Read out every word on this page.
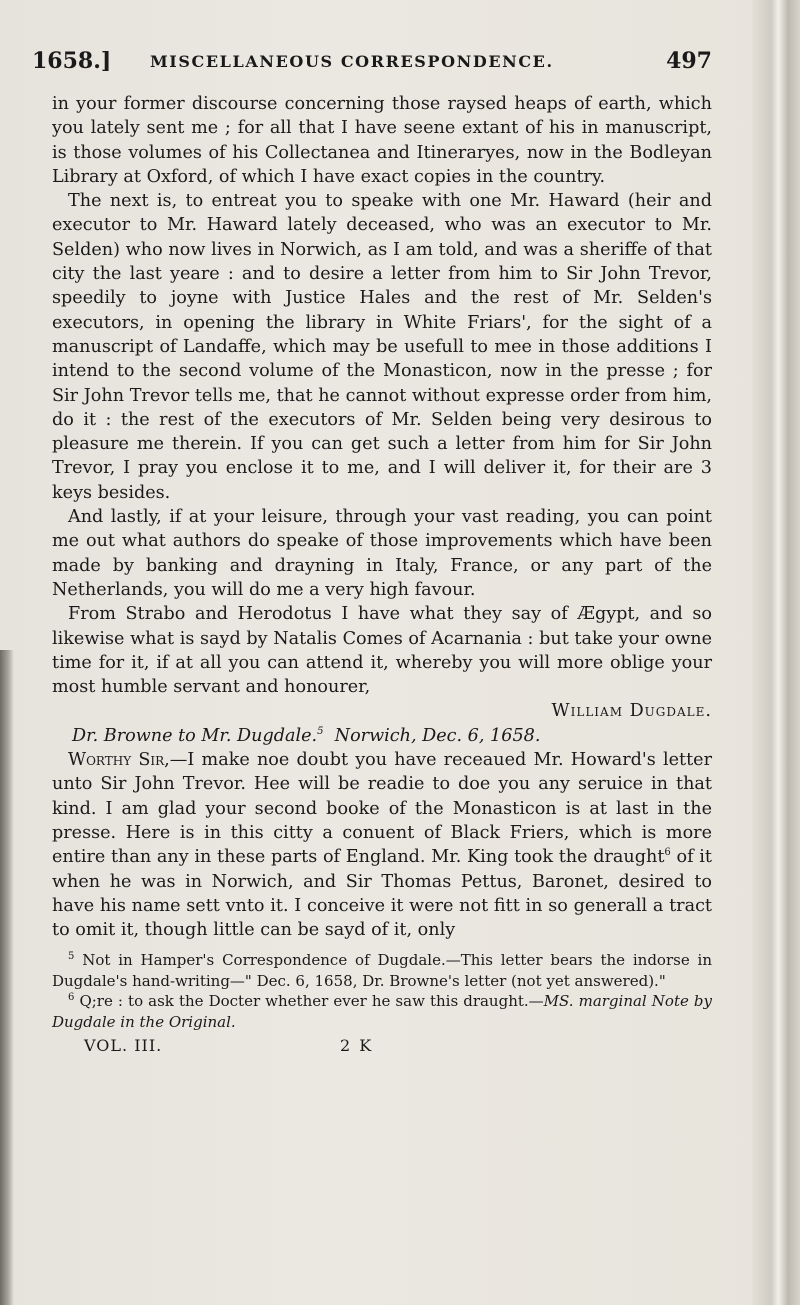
1658.] MISCELLANEOUS CORRESPONDENCE.	497

in your former discourse concerning those raysed heaps of earth, which you lately sent me ; for all that I have seene extant of his in manuscript, is those volumes of his Collectanea and Itineraryes, now in the Bodleyan Library at Oxford, of which I have exact copies in the country.

The next is, to entreat you to speake with one Mr. Haward (heir and executor to Mr. Haward lately deceased, who was an executor to Mr. Selden) who now lives in Norwich, as I am told, and was a sheriffe of that city the last yeare : and to desire a letter from him to Sir John Trevor, speedily to joyne with Justice Hales and the rest of Mr. Selden's executors, in opening the library in White Friars', for the sight of a manuscript of Landaffe, which may be usefull to mee in those additions I intend to the second volume of the Monasticon, now in the presse ; for Sir John Trevor tells me, that he cannot without expresse order from him, do it : the rest of the executors of Mr. Selden being very desirous to pleasure me therein. If you can get such a letter from him for Sir John Trevor, I pray you enclose it to me, and I will deliver it, for their are 3 keys besides.

And lastly, if at your leisure, through your vast reading, you can point me out what authors do speake of those improvements which have been made by banking and drayning in Italy, France, or any part of the Netherlands, you will do me a very high favour.

From Strabo and Herodotus I have what they say of Ægypt, and so likewise what is sayd by Natalis Comes of Acarnania : but take your owne time for it, if at all you can attend it, whereby you will more oblige your most humble servant and honourer,

William Dugdale.

Dr. Browne to Mr. Dugdale.$^5$ Norwich, Dec. 6, 1658.

Worthy Sir,—I make noe doubt you have receaued Mr. Howard's letter unto Sir John Trevor. Hee will be readie to doe you any seruice in that kind. I am glad your second booke of the Monasticon is at last in the presse. Here is in this citty a conuent of Black Friers, which is more entire than any in these parts of England. Mr. King took the draught$^6$ of it when he was in Norwich, and Sir Thomas Pettus, Baronet, desired to have his name sett vnto it. I conceive it were not fitt in so generall a tract to omit it, though little can be sayd of it, only

$^5$ Not in Hamper's Correspondence of Dugdale.—This letter bears the indorse in Dugdale's hand-writing—" Dec. 6, 1658, Dr. Browne's letter (not yet answered)."

$^6$ Q;re : to ask the Docter whether ever he saw this draught.—MS. marginal Note by Dugdale in the Original.

VOL. III.	2 K
